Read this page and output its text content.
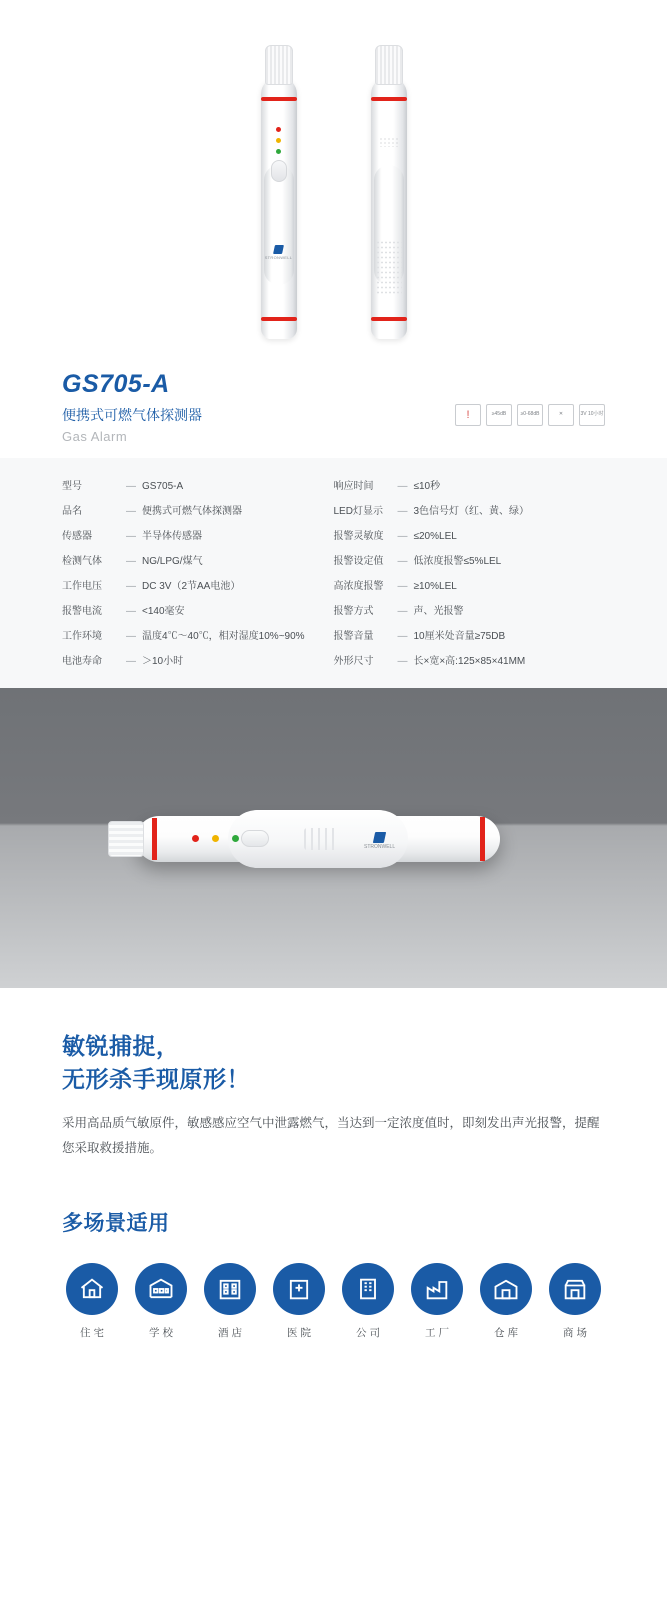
STRONWELL
GS705-A
便携式可燃气体探测器
Gas Alarm
!	≥45dB	≥0-68dB	✕	3V 10小时
型号	— GS705-A
品名	— 便携式可燃气体探测器
传感器	— 半导体传感器
检测气体	— NG/LPG/煤气
工作电压	— DC 3V（2节AA电池）
报警电流	— <140毫安
工作环境	— 温度4℃～40℃，相对湿度10%~90%
电池寿命	— ＞10小时
响应时间	— ≤10秒
LED灯显示	— 3色信号灯（红、黄、绿）
报警灵敏度	— ≤20%LEL
报警设定值	— 低浓度报警≤5%LEL
高浓度报警	— ≥10%LEL
报警方式	— 声、光报警
报警音量	— 10厘米处音量≥75DB
外形尺寸	— 长×宽×高:125×85×41MM
STRONWELL
敏锐捕捉，
无形杀手现原形！

采用高品质气敏原件，敏感感应空气中泄露燃气，当达到一定浓度值时，即刻发出声光报警，提醒您采取救援措施。

多场景适用
住宅	学校	酒店	医院	公司	工厂	仓库	商场
